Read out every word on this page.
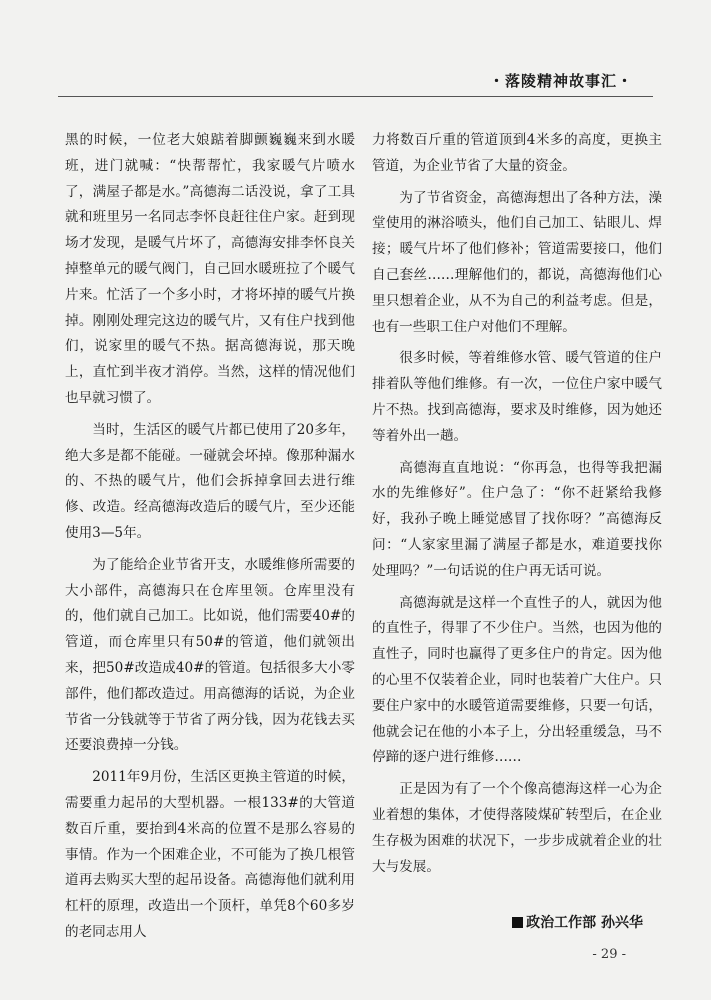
・落陵精神故事汇・

黑的时候，一位老大娘踮着脚颤巍巍来到水暖班，进门就喊：“快帮帮忙，我家暖气片喷水了，满屋子都是水。”高德海二话没说，拿了工具就和班里另一名同志李怀良赶往住户家。赶到现场才发现，是暖气片坏了，高德海安排李怀良关掉整单元的暖气阀门，自己回水暖班拉了个暖气片来。忙活了一个多小时，才将坏掉的暖气片换掉。刚刚处理完这边的暖气片，又有住户找到他们，说家里的暖气不热。据高德海说，那天晚上，直忙到半夜才消停。当然，这样的情况他们也早就习惯了。

当时，生活区的暖气片都已使用了20多年，绝大多是都不能碰。一碰就会坏掉。像那种漏水的、不热的暖气片，他们会拆掉拿回去进行维修、改造。经高德海改造后的暖气片，至少还能使用3—5年。

为了能给企业节省开支，水暖维修所需要的大小部件，高德海只在仓库里领。仓库里没有的，他们就自己加工。比如说，他们需要40#的管道，而仓库里只有50#的管道，他们就领出来，把50#改造成40#的管道。包括很多大小零部件，他们都改造过。用高德海的话说，为企业节省一分钱就等于节省了两分钱，因为花钱去买还要浪费掉一分钱。

2011年9月份，生活区更换主管道的时候，需要重力起吊的大型机器。一根133#的大管道数百斤重，要抬到4米高的位置不是那么容易的事情。作为一个困难企业，不可能为了换几根管道再去购买大型的起吊设备。高德海他们就利用杠杆的原理，改造出一个顶杆，单凭8个60多岁的老同志用人

力将数百斤重的管道顶到4米多的高度，更换主管道，为企业节省了大量的资金。

为了节省资金，高德海想出了各种方法，澡堂使用的淋浴喷头，他们自己加工、钻眼儿、焊接；暖气片坏了他们修补；管道需要接口，他们自己套丝……理解他们的，都说，高德海他们心里只想着企业，从不为自己的利益考虑。但是，也有一些职工住户对他们不理解。

很多时候，等着维修水管、暖气管道的住户排着队等他们维修。有一次，一位住户家中暖气片不热。找到高德海，要求及时维修，因为她还等着外出一趟。

高德海直直地说：“你再急，也得等我把漏水的先维修好”。住户急了：“你不赶紧给我修好，我孙子晚上睡觉感冒了找你呀？”高德海反问：“人家家里漏了满屋子都是水，难道要找你处理吗？”一句话说的住户再无话可说。

高德海就是这样一个直性子的人，就因为他的直性子，得罪了不少住户。当然，也因为他的直性子，同时也赢得了更多住户的肯定。因为他的心里不仅装着企业，同时也装着广大住户。只要住户家中的水暖管道需要维修，只要一句话，他就会记在他的小本子上，分出轻重缓急，马不停蹄的逐户进行维修……

正是因为有了一个个像高德海这样一心为企业着想的集体，才使得落陵煤矿转型后，在企业生存极为困难的状况下，一步步成就着企业的壮大与发展。

政治工作部 孙兴华
- 29 -
